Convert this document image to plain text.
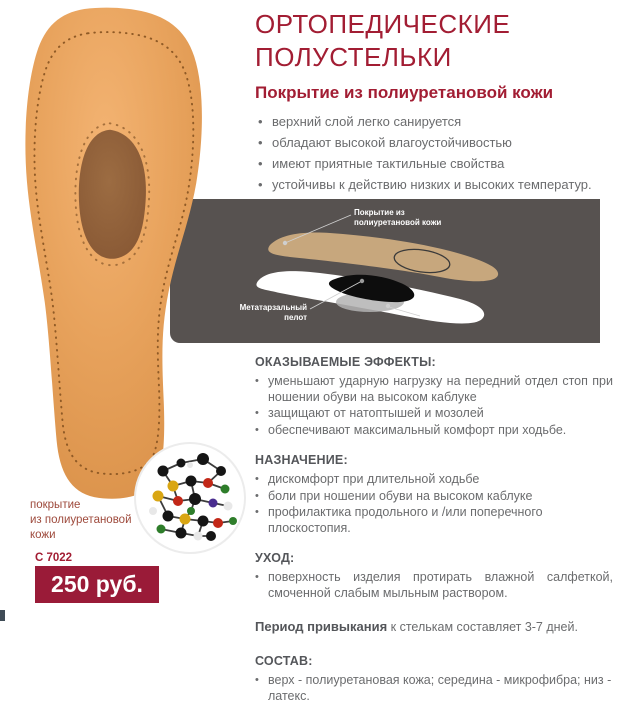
Покрытие из
полиуретановой кожи
Метатарзальный пелот	Латекс
ОРТОПЕДИЧЕСКИЕ
ПОЛУСТЕЛЬКИ
Покрытие из полиуретановой кожи
• верхний слой легко санируется
• обладают высокой влагоустойчивостью
• имеют приятные тактильные свойства
• устойчивы к действию низких и высоких температур.
ОКАЗЫВАЕМЫЕ ЭФФЕКТЫ:
• уменьшают ударную нагрузку на передний отдел стоп при ношении обуви на высоком каблуке
• защищают от натоптышей и мозолей
• обеспечивают максимальный комфорт при ходьбе.
НАЗНАЧЕНИЕ:
• дискомфорт при длительной ходьбе
• боли при ношении обуви на высоком каблуке
• профилактика продольного и /или поперечного плоскостопия.
УХОД:
• поверхность изделия протирать влажной салфеткой, смоченной слабым мыльным раствором.
Период привыкания к стелькам составляет 3-7 дней.
СОСТАВ:
• верх - полиуретановая кожа; середина - микрофибра; низ - латекс.
покрытие
из полиуретановой
кожи
С 7022
250 руб.
